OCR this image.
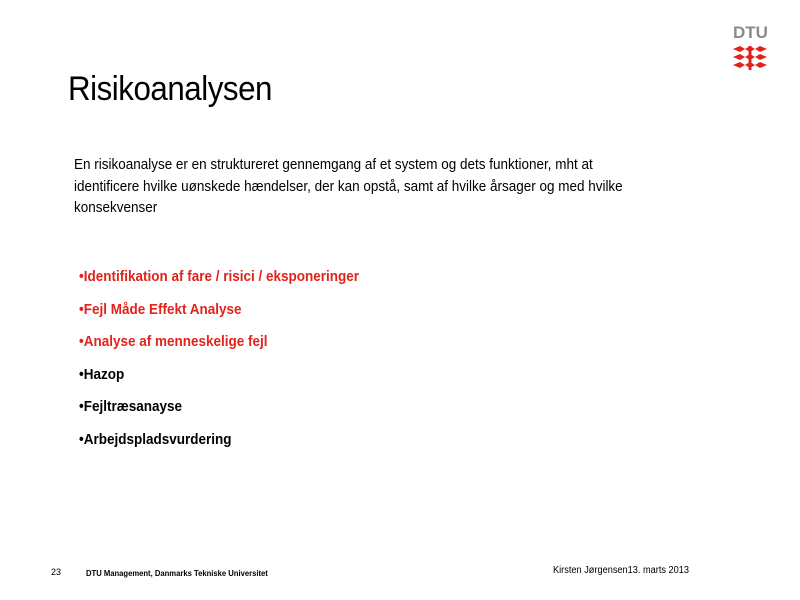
DTU
Risikoanalysen
En risikoanalyse er en struktureret gennemgang af et system og dets funktioner, mht at identificere hvilke uønskede hændelser, der kan opstå, samt af hvilke årsager og med hvilke konsekvenser
•Identifikation af fare / risici / eksponeringer
•Fejl Måde Effekt Analyse
•Analyse af menneskelige fejl
•Hazop
•Fejltræsanayse
•Arbejdspladsvurdering
23	DTU Management, Danmarks Tekniske Universitet	Kirsten Jørgensen13. marts 2013
